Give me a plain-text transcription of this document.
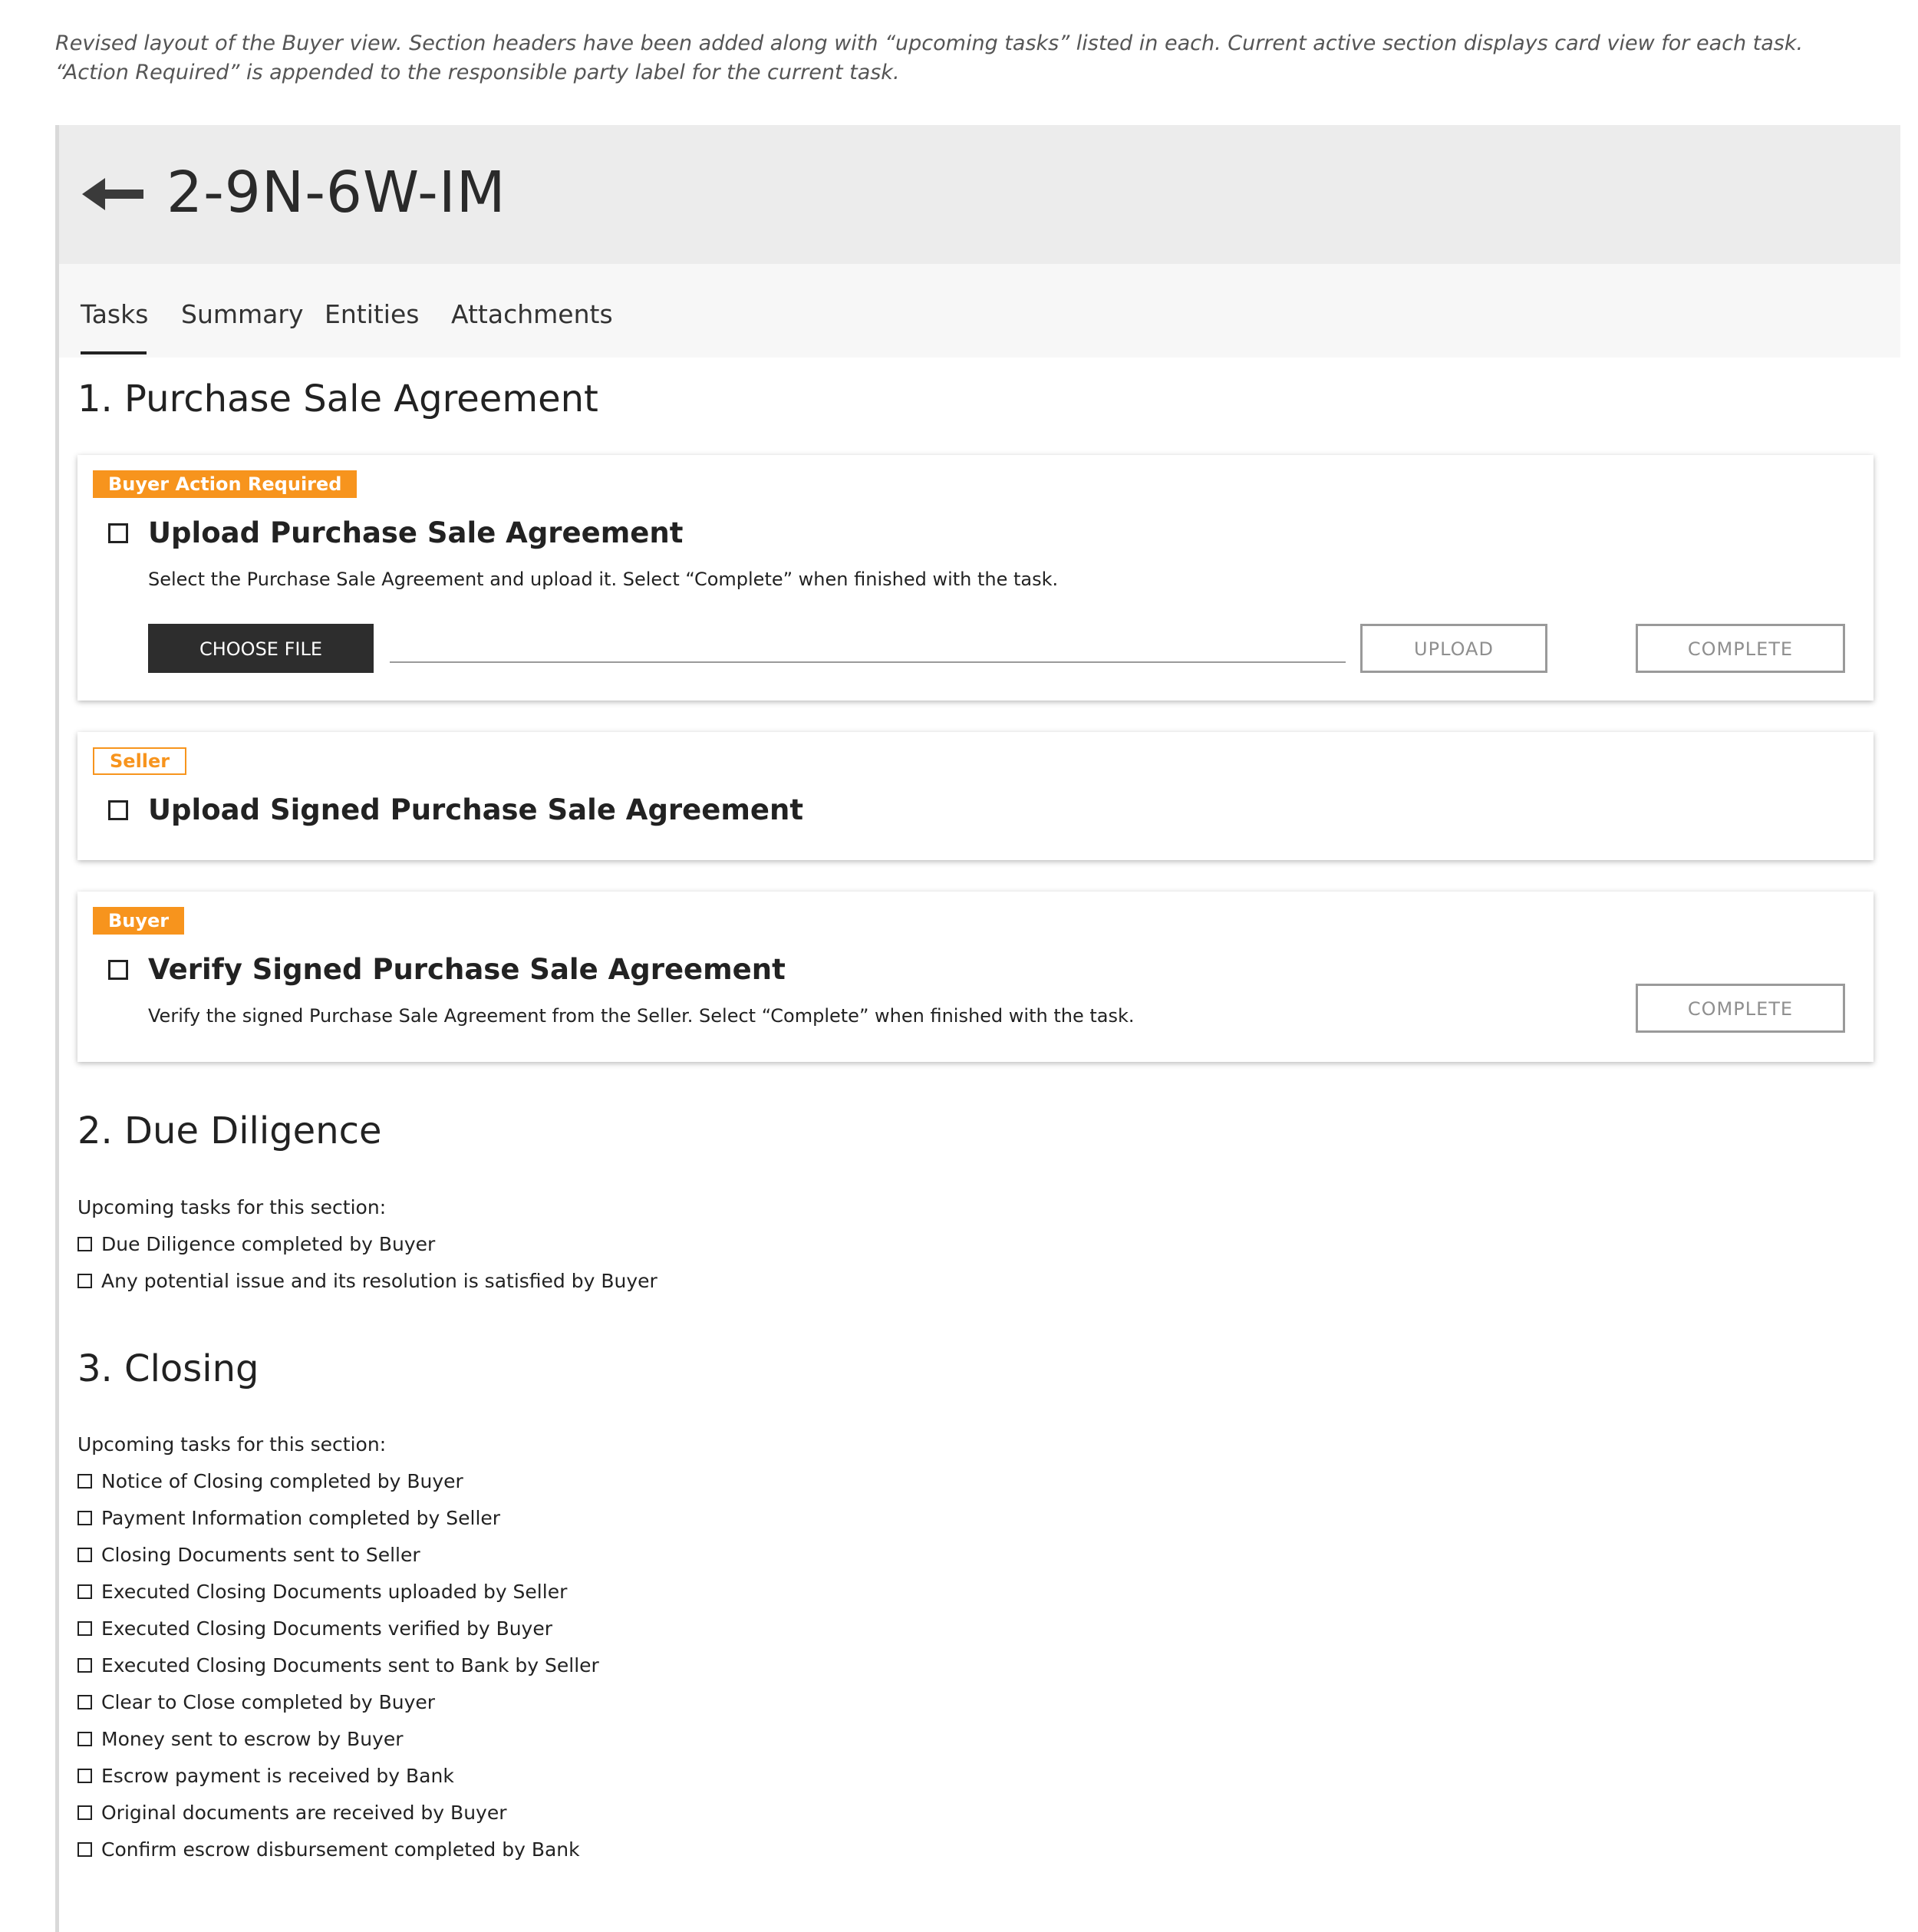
Revised layout of the Buyer view. Section headers have been added along with “upcoming tasks” listed in each. Current active section displays card view for each task. “Action Required” is appended to the responsible party label for the current task.
2-9N-6W-IM
Tasks Summary Entities Attachments
1. Purchase Sale Agreement
Buyer Action Required
Upload Purchase Sale Agreement
Select the Purchase Sale Agreement and upload it. Select “Complete” when finished with the task.
CHOOSE FILE	UPLOAD	COMPLETE
Seller
Upload Signed Purchase Sale Agreement
Buyer
Verify Signed Purchase Sale Agreement
Verify the signed Purchase Sale Agreement from the Seller. Select “Complete” when finished with the task.	COMPLETE
2. Due Diligence
Upcoming tasks for this section:
Due Diligence completed by Buyer
Any potential issue and its resolution is satisfied by Buyer
3. Closing
Upcoming tasks for this section:
Notice of Closing completed by Buyer
Payment Information completed by Seller
Closing Documents sent to Seller
Executed Closing Documents uploaded by Seller
Executed Closing Documents verified by Buyer
Executed Closing Documents sent to Bank by Seller
Clear to Close completed by Buyer
Money sent to escrow by Buyer
Escrow payment is received by Bank
Original documents are received by Buyer
Confirm escrow disbursement completed by Bank
